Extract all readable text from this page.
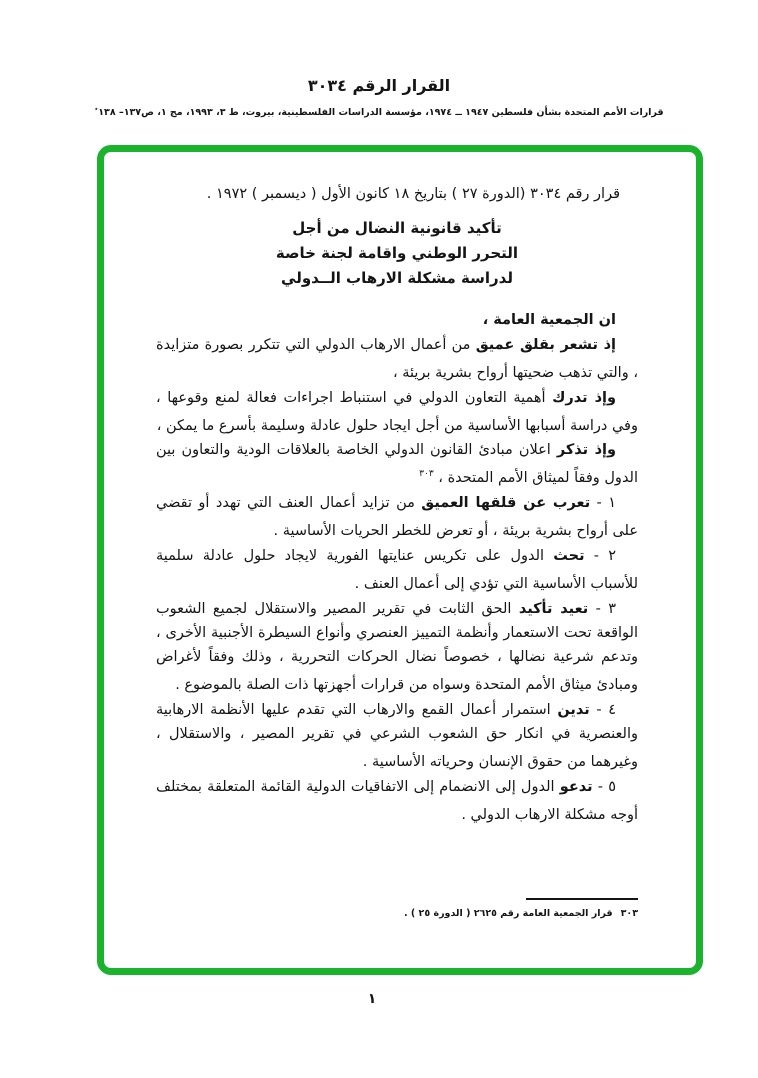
القرار الرقم ٣٠٣٤
قرارات الأمم المتحدة بشأن فلسطين ١٩٤٧ ــ ١٩٧٤، مؤسسة الدراسات الفلسطينية، بيروت، ط ٣، ١٩٩٣، مج ١، ص١٣٧– ١٣٨٭

قرار رقم ٣٠٣٤ (الدورة ٢٧ ) بتاريخ ١٨ كانون الأول ( ديسمبر ) ١٩٧٢ .

تأكيد قانونية النضال من أجل
التحرر الوطني واقامة لجنة خاصة
لدراسة مشكلة الارهاب الــدولي

ان الجمعية العامة ،

إذ تشعر بقلق عميق من أعمال الارهاب الدولي التي تتكرر بصورة متزايدة ، والتي تذهب ضحيتها أرواح بشرية بريئة ،

وإذ تدرك أهمية التعاون الدولي في استنباط اجراءات فعالة لمنع وقوعها ، وفي دراسة أسبابها الأساسية من أجل ايجاد حلول عادلة وسليمة بأسرع ما يمكن ،

وإذ تذكر اعلان مبادئ القانون الدولي الخاصة بالعلاقات الودية والتعاون بين الدول وفقاً لميثاق الأمم المتحدة ، $^{٣٠٣}$

١ - تعرب عن قلقها العميق من تزايد أعمال العنف التي تهدد أو تقضي على أرواح بشرية بريئة ، أو تعرض للخطر الحريات الأساسية .

٢ - تحث الدول على تكريس عنايتها الفورية لايجاد حلول عادلة سلمية للأسباب الأساسية التي تؤدي إلى أعمال العنف .

٣ - تعيد تأكيد الحق الثابت في تقرير المصير والاستقلال لجميع الشعوب الواقعة تحت الاستعمار وأنظمة التمييز العنصري وأنواع السيطرة الأجنبية الأخرى ، وتدعم شرعية نضالها ، خصوصاً نضال الحركات التحررية ، وذلك وفقاً لأغراض ومبادئ ميثاق الأمم المتحدة وسواه من قرارات أجهزتها ذات الصلة بالموضوع .

٤ - تدين استمرار أعمال القمع والارهاب التي تقدم عليها الأنظمة الارهابية والعنصرية في انكار حق الشعوب الشرعي في تقرير المصير ، والاستقلال ، وغيرهما من حقوق الإنسان وحرياته الأساسية .

٥ - تدعو الدول إلى الانضمام إلى الاتفاقيات الدولية القائمة المتعلقة بمختلف أوجه مشكلة الارهاب الدولي .

٣٠٣قرار الجمعية العامة رقم ٢٦٢٥ ( الدورة ٢٥ ) .
١
